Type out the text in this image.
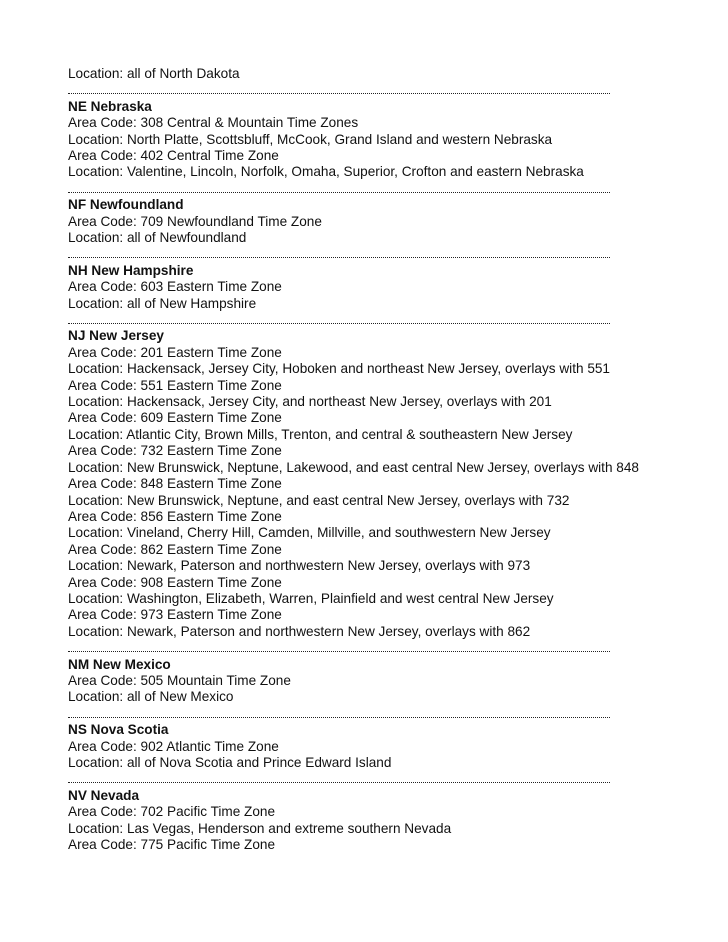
Location: all of North Dakota
NE Nebraska
Area Code: 308 Central & Mountain Time Zones
Location: North Platte, Scottsbluff, McCook, Grand Island and western Nebraska
Area Code: 402 Central Time Zone
Location: Valentine, Lincoln, Norfolk, Omaha, Superior, Crofton and eastern Nebraska
NF Newfoundland
Area Code: 709 Newfoundland Time Zone
Location: all of Newfoundland
NH New Hampshire
Area Code: 603 Eastern Time Zone
Location: all of New Hampshire
NJ New Jersey
Area Code: 201 Eastern Time Zone
Location: Hackensack, Jersey City, Hoboken and northeast New Jersey, overlays with 551
Area Code: 551 Eastern Time Zone
Location: Hackensack, Jersey City, and northeast New Jersey, overlays with 201
Area Code: 609 Eastern Time Zone
Location: Atlantic City, Brown Mills, Trenton, and central & southeastern New Jersey
Area Code: 732 Eastern Time Zone
Location: New Brunswick, Neptune, Lakewood, and east central New Jersey, overlays with 848
Area Code: 848 Eastern Time Zone
Location: New Brunswick, Neptune, and east central New Jersey, overlays with 732
Area Code: 856 Eastern Time Zone
Location: Vineland, Cherry Hill, Camden, Millville, and southwestern New Jersey
Area Code: 862 Eastern Time Zone
Location: Newark, Paterson and northwestern New Jersey, overlays with 973
Area Code: 908 Eastern Time Zone
Location: Washington, Elizabeth, Warren, Plainfield and west central New Jersey
Area Code: 973 Eastern Time Zone
Location: Newark, Paterson and northwestern New Jersey, overlays with 862
NM New Mexico
Area Code: 505 Mountain Time Zone
Location: all of New Mexico
NS Nova Scotia
Area Code: 902 Atlantic Time Zone
Location: all of Nova Scotia and Prince Edward Island
NV Nevada
Area Code: 702 Pacific Time Zone
Location: Las Vegas, Henderson and extreme southern Nevada
Area Code: 775 Pacific Time Zone
